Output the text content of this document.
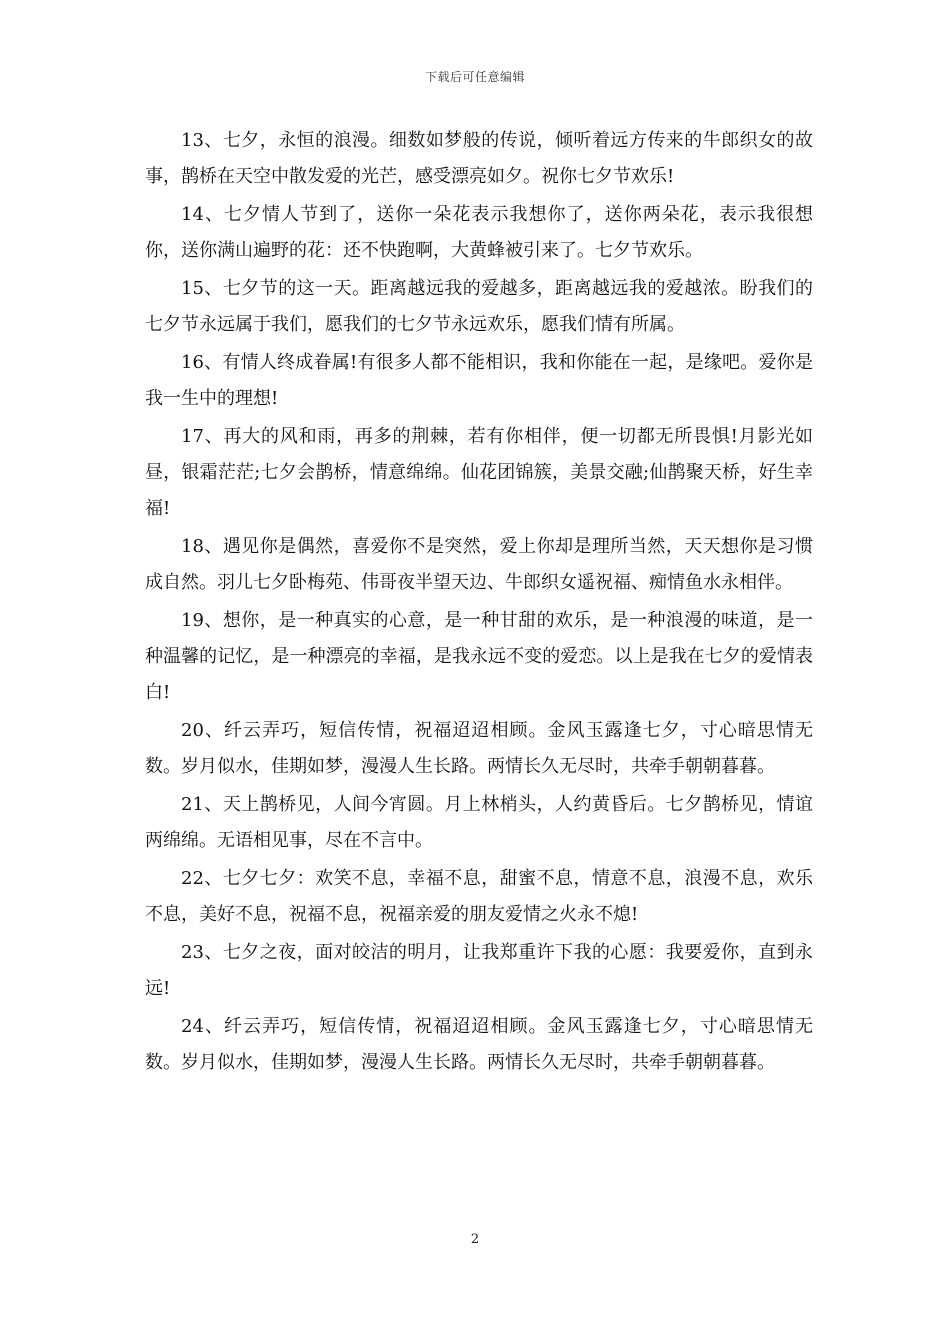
下载后可任意编辑

13、七夕，永恒的浪漫。细数如梦般的传说，倾听着远方传来的牛郎织女的故事，鹊桥在天空中散发爱的光芒，感受漂亮如夕。祝你七夕节欢乐!

14、七夕情人节到了，送你一朵花表示我想你了，送你两朵花，表示我很想你，送你满山遍野的花：还不快跑啊，大黄蜂被引来了。七夕节欢乐。

15、七夕节的这一天。距离越远我的爱越多，距离越远我的爱越浓。盼我们的七夕节永远属于我们，愿我们的七夕节永远欢乐，愿我们情有所属。

16、有情人终成眷属!有很多人都不能相识，我和你能在一起，是缘吧。爱你是我一生中的理想!

17、再大的风和雨，再多的荆棘，若有你相伴，便一切都无所畏惧!月影光如昼，银霜茫茫;七夕会鹊桥，情意绵绵。仙花团锦簇，美景交融;仙鹊聚天桥，好生幸福!

18、遇见你是偶然，喜爱你不是突然，爱上你却是理所当然，天天想你是习惯成自然。羽儿七夕卧梅苑、伟哥夜半望天边、牛郎织女遥祝福、痴情鱼水永相伴。

19、想你，是一种真实的心意，是一种甘甜的欢乐，是一种浪漫的味道，是一种温馨的记忆，是一种漂亮的幸福，是我永远不变的爱恋。以上是我在七夕的爱情表白!

20、纤云弄巧，短信传情，祝福迢迢相顾。金风玉露逢七夕，寸心暗思情无数。岁月似水，佳期如梦，漫漫人生长路。两情长久无尽时，共牵手朝朝暮暮。

21、天上鹊桥见，人间今宵圆。月上林梢头，人约黄昏后。七夕鹊桥见，情谊两绵绵。无语相见事，尽在不言中。

22、七夕七夕：欢笑不息，幸福不息，甜蜜不息，情意不息，浪漫不息，欢乐不息，美好不息，祝福不息，祝福亲爱的朋友爱情之火永不熄!

23、七夕之夜，面对皎洁的明月，让我郑重许下我的心愿：我要爱你，直到永远!

24、纤云弄巧，短信传情，祝福迢迢相顾。金风玉露逢七夕，寸心暗思情无数。岁月似水，佳期如梦，漫漫人生长路。两情长久无尽时，共牵手朝朝暮暮。

2
